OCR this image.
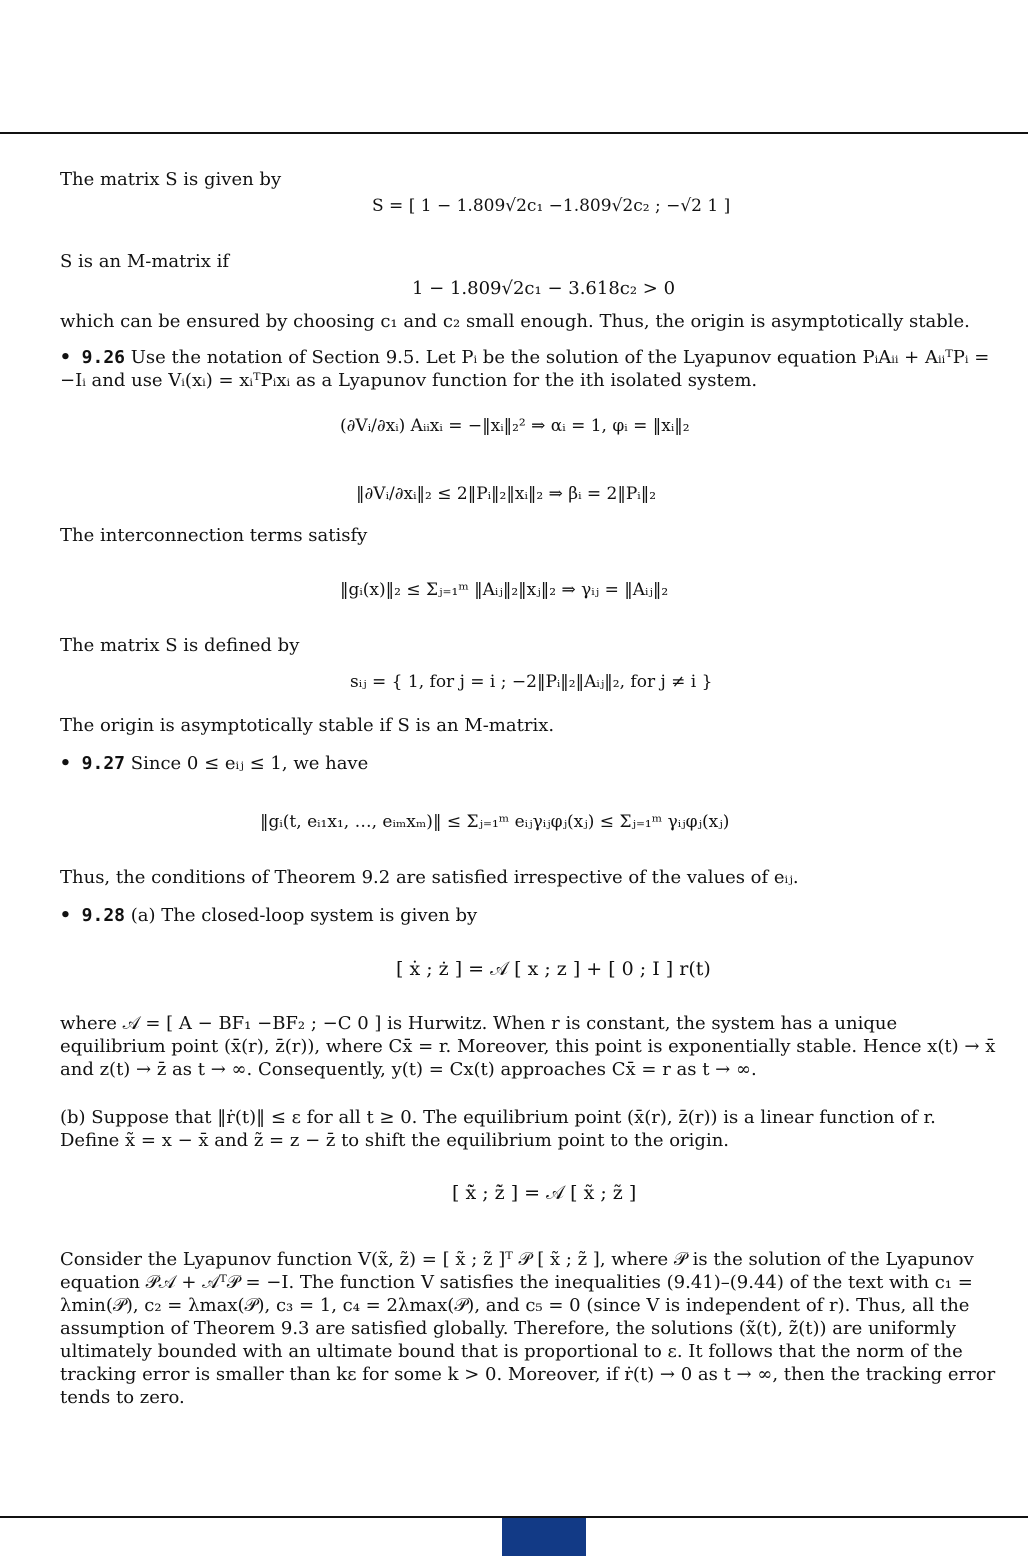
The matrix S is given by
S = [ 1 − 1.809√2c₁ −1.809√2c₂ ; −√2 1 ]
S is an M-matrix if
1 − 1.809√2c₁ − 3.618c₂ > 0
which can be ensured by choosing c₁ and c₂ small enough. Thus, the origin is asymptotically stable.
• 9.26 Use the notation of Section 9.5. Let Pᵢ be the solution of the Lyapunov equation PᵢAᵢᵢ + AᵢᵢᵀPᵢ = −Iᵢ and use Vᵢ(xᵢ) = xᵢᵀPᵢxᵢ as a Lyapunov function for the ith isolated system.
(∂Vᵢ/∂xᵢ) Aᵢᵢxᵢ = −‖xᵢ‖₂² ⇒ αᵢ = 1, φᵢ = ‖xᵢ‖₂
‖∂Vᵢ/∂xᵢ‖₂ ≤ 2‖Pᵢ‖₂‖xᵢ‖₂ ⇒ βᵢ = 2‖Pᵢ‖₂
The interconnection terms satisfy
‖gᵢ(x)‖₂ ≤ Σⱼ₌₁ᵐ ‖Aᵢⱼ‖₂‖xⱼ‖₂ ⇒ γᵢⱼ = ‖Aᵢⱼ‖₂
The matrix S is defined by
sᵢⱼ = { 1, for j = i ; −2‖Pᵢ‖₂‖Aᵢⱼ‖₂, for j ≠ i }
The origin is asymptotically stable if S is an M-matrix.
• 9.27 Since 0 ≤ eᵢⱼ ≤ 1, we have
‖gᵢ(t, eᵢ₁x₁, …, eᵢₘxₘ)‖ ≤ Σⱼ₌₁ᵐ eᵢⱼγᵢⱼφⱼ(xⱼ) ≤ Σⱼ₌₁ᵐ γᵢⱼφⱼ(xⱼ)
Thus, the conditions of Theorem 9.2 are satisfied irrespective of the values of eᵢⱼ.
• 9.28 (a) The closed-loop system is given by
[ ẋ ; ż ] = 𝒜 [ x ; z ] + [ 0 ; I ] r(t)
where 𝒜 = [ A − BF₁ −BF₂ ; −C 0 ] is Hurwitz. When r is constant, the system has a unique equilibrium point (x̄(r), z̄(r)), where Cx̄ = r. Moreover, this point is exponentially stable. Hence x(t) → x̄ and z(t) → z̄ as t → ∞. Consequently, y(t) = Cx(t) approaches Cx̄ = r as t → ∞.
(b) Suppose that ‖ṙ(t)‖ ≤ ε for all t ≥ 0. The equilibrium point (x̄(r), z̄(r)) is a linear function of r. Define x̃ = x − x̄ and z̃ = z − z̄ to shift the equilibrium point to the origin.
[ x̃̇ ; z̃̇ ] = 𝒜 [ x̃ ; z̃ ]
Consider the Lyapunov function V(x̃, z̃) = [ x̃ ; z̃ ]ᵀ 𝒫 [ x̃ ; z̃ ], where 𝒫 is the solution of the Lyapunov equation 𝒫𝒜 + 𝒜ᵀ𝒫 = −I. The function V satisfies the inequalities (9.41)–(9.44) of the text with c₁ = λmin(𝒫), c₂ = λmax(𝒫), c₃ = 1, c₄ = 2λmax(𝒫), and c₅ = 0 (since V is independent of r). Thus, all the assumption of Theorem 9.3 are satisfied globally. Therefore, the solutions (x̃(t), z̃(t)) are uniformly ultimately bounded with an ultimate bound that is proportional to ε. It follows that the norm of the tracking error is smaller than kε for some k > 0. Moreover, if ṙ(t) → 0 as t → ∞, then the tracking error tends to zero.
